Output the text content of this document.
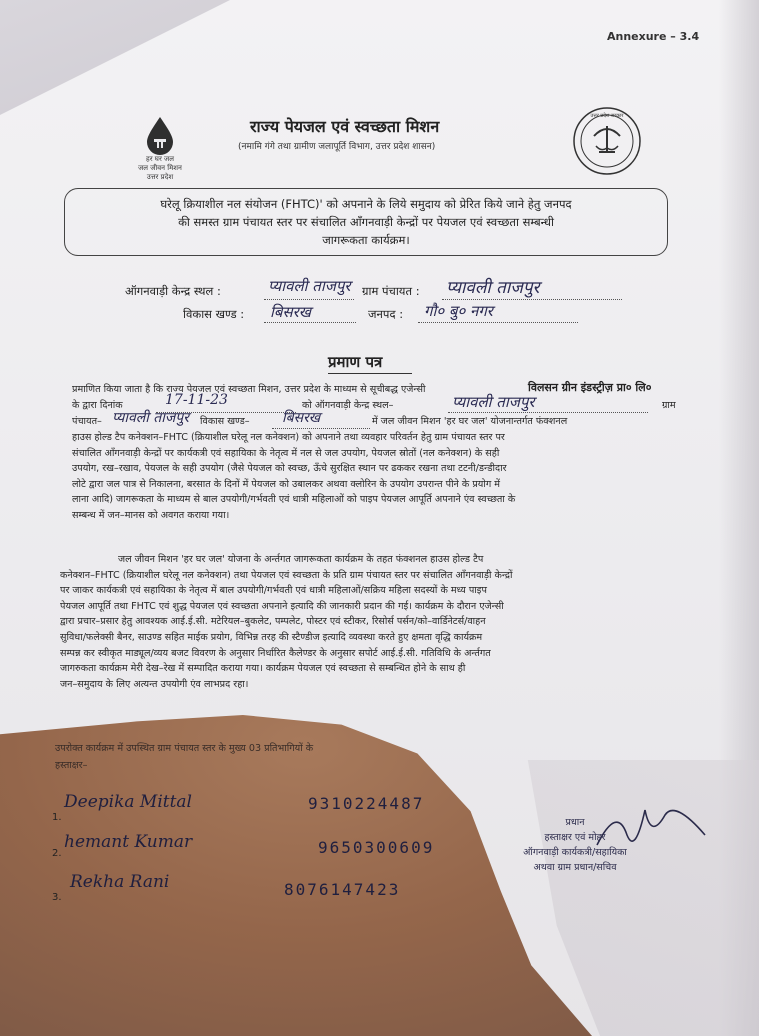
Annexure – 3.4
हर घर जल
जल जीवन मिशन
उत्तर प्रदेश
राज्य पेयजल एवं स्वच्छता मिशन
(नमामि गंगे तथा ग्रामीण जलापूर्ति विभाग, उत्तर प्रदेश शासन)
उत्तर प्रदेश सरकार
घरेलू क्रियाशील नल संयोजन (FHTC)' को अपनाने के लिये समुदाय को प्रेरित किये जाने हेतु जनपद
की समस्त ग्राम पंचायत स्तर पर संचालित आँगनवाड़ी केन्द्रों पर पेयजल एवं स्वच्छता सम्बन्धी
जागरूकता कार्यक्रम।
ऑगनवाड़ी केन्द्र स्थल :	प्यावली ताजपुर ग्राम पंचायत : प्यावली ताजपुर
विकास खण्ड : बिसरख	जनपद : गौ० बु० नगर
प्रमाण पत्र
प्रमाणित किया जाता है कि राज्य पेयजल एवं स्वच्छता मिशन, उत्तर प्रदेश के माध्यम से सूचीबद्ध एजेन्सी	विलसन ग्रीन इंडस्ट्रीज़ प्रा० लि०
के द्वारा दिनांक	17-11-23	को ऑगनवाड़ी केन्द्र स्थल–	प्यावली ताजपुर	ग्राम
पंचायत– प्यावली ताजपुर विकास खण्ड– बिसरख	में जल जीवन मिशन 'हर घर जल' योजनान्तर्गत फंक्शनल
हाउस होल्ड टैप कनेक्शन–FHTC (क्रियाशील घरेलू नल कनेक्शन) को अपनाने तथा व्यवहार परिवर्तन हेतु ग्राम पंचायत स्तर पर
संचालित आँगनवाड़ी केन्द्रों पर कार्यकत्री एवं सहायिका के नेतृत्व में नल से जल उपयोग, पेयजल स्रोतों (नल कनेक्शन) के सही
उपयोग, रख–रखाव, पेयजल के सही उपयोग (जैसे पेयजल को स्वच्छ, ऊँचे सुरक्षित स्थान पर ढककर रखना तथा टटनी/डन्डीदार
लोटे द्वारा जल पात्र से निकालना, बरसात के दिनों में पेयजल को उबालकर अथवा क्लोरिन के उपयोग उपरान्त पीने के प्रयोग में
लाना आदि) जागरूकता के माध्यम से बाल उपयोगी/गर्भवती एवं धात्री महिलाओं को पाइप पेयजल आपूर्ति अपनाने एंव स्वच्छता के
सम्बन्ध में जन–मानस को अवगत कराया गया।
जल जीवन मिशन 'हर घर जल' योजना के अर्न्तगत जागरूकता कार्यक्रम के तहत फंक्शनल हाउस होल्ड टैप
कनेक्शन–FHTC (क्रियाशील घरेलू नल कनेक्शन) तथा पेयजल एवं स्वच्छता के प्रति ग्राम पंचायत स्तर पर संचालित आँगनवाड़ी केन्द्रों
पर जाकर कार्यकत्री एवं सहायिका के नेतृत्व में बाल उपयोगी/गर्भवती एवं धात्री महिलाओं/सक्रिय महिला सदस्यों के मध्य पाइप
पेयजल आपूर्ति तथा FHTC एवं शुद्ध पेयजल एवं स्वच्छता अपनाने इत्यादि की जानकारी प्रदान की गई। कार्यक्रम के दौरान एजेन्सी
द्वारा प्रचार–प्रसार हेतु आवश्यक आई.ई.सी. मटेरियल–बुकलेट, पम्पलेट, पोस्टर एवं स्टीकर, रिसोर्स पर्सन/को–वार्डिनेटर्स/वाहन
सुविधा/फलेक्सी बैनर, साउण्ड सहित माईक प्रयोग, विभिन्न तरह की स्टैण्डीज इत्यादि व्यवस्था करते हुए क्षमता वृद्धि कार्यक्रम
सम्पन्न कर स्वीकृत माड्यूल/व्यय बजट विवरण के अनुसार निर्धारित कैलेण्डर के अनुसार सपोर्ट आई.ई.सी. गतिविधि के अर्न्तगत
जागरुकता कार्यक्रम मेरी देख–रेख में सम्पादित कराया गया। कार्यक्रम पेयजल एवं स्वच्छता से सम्बन्धित होने के साथ ही
जन–समुदाय के लिए अत्यन्त उपयोगी एंव लाभप्रद रहा।
उपरोक्त कार्यक्रम में उपस्थित ग्राम पंचायत स्तर के मुख्य 03 प्रतिभागियों के
हस्ताक्षर–
1.
Deepika Mittal	9310224487
2.
hemant Kumar	9650300609
3.
Rekha Rani	8076147423
प्रधान
हस्ताक्षर एवं मोहर
ऑगनवाड़ी कार्यकत्री/सहायिका
अथवा ग्राम प्रधान/सचिव
